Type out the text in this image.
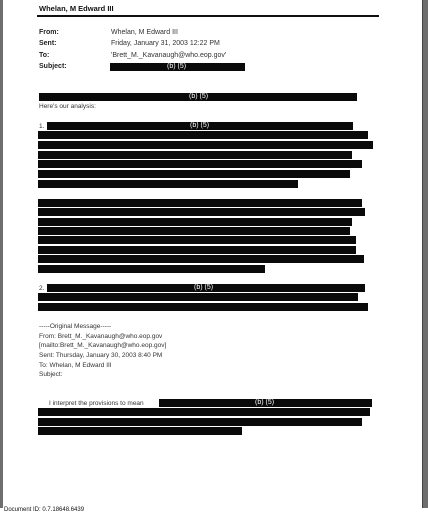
Whelan, M Edward III
From:	Whelan, M Edward III
Sent:	Friday, January 31, 2003 12:22 PM
To:	'Brett_M._Kavanaugh@who.eop.gov'
Subject:	(b) (5)
(b) (5)
Here's our analysis:
1.	(b) (5)
2.	(b) (5)
-----Original Message-----
From: Brett_M._Kavanaugh@who.eop.gov
[mailto:Brett_M._Kavanaugh@who.eop.gov]
Sent: Thursday, January 30, 2003 8:40 PM
To: Whelan, M Edward III
Subject:
I interpret the provisions to mean	(b) (5)
Document ID: 0.7.18648.6439
